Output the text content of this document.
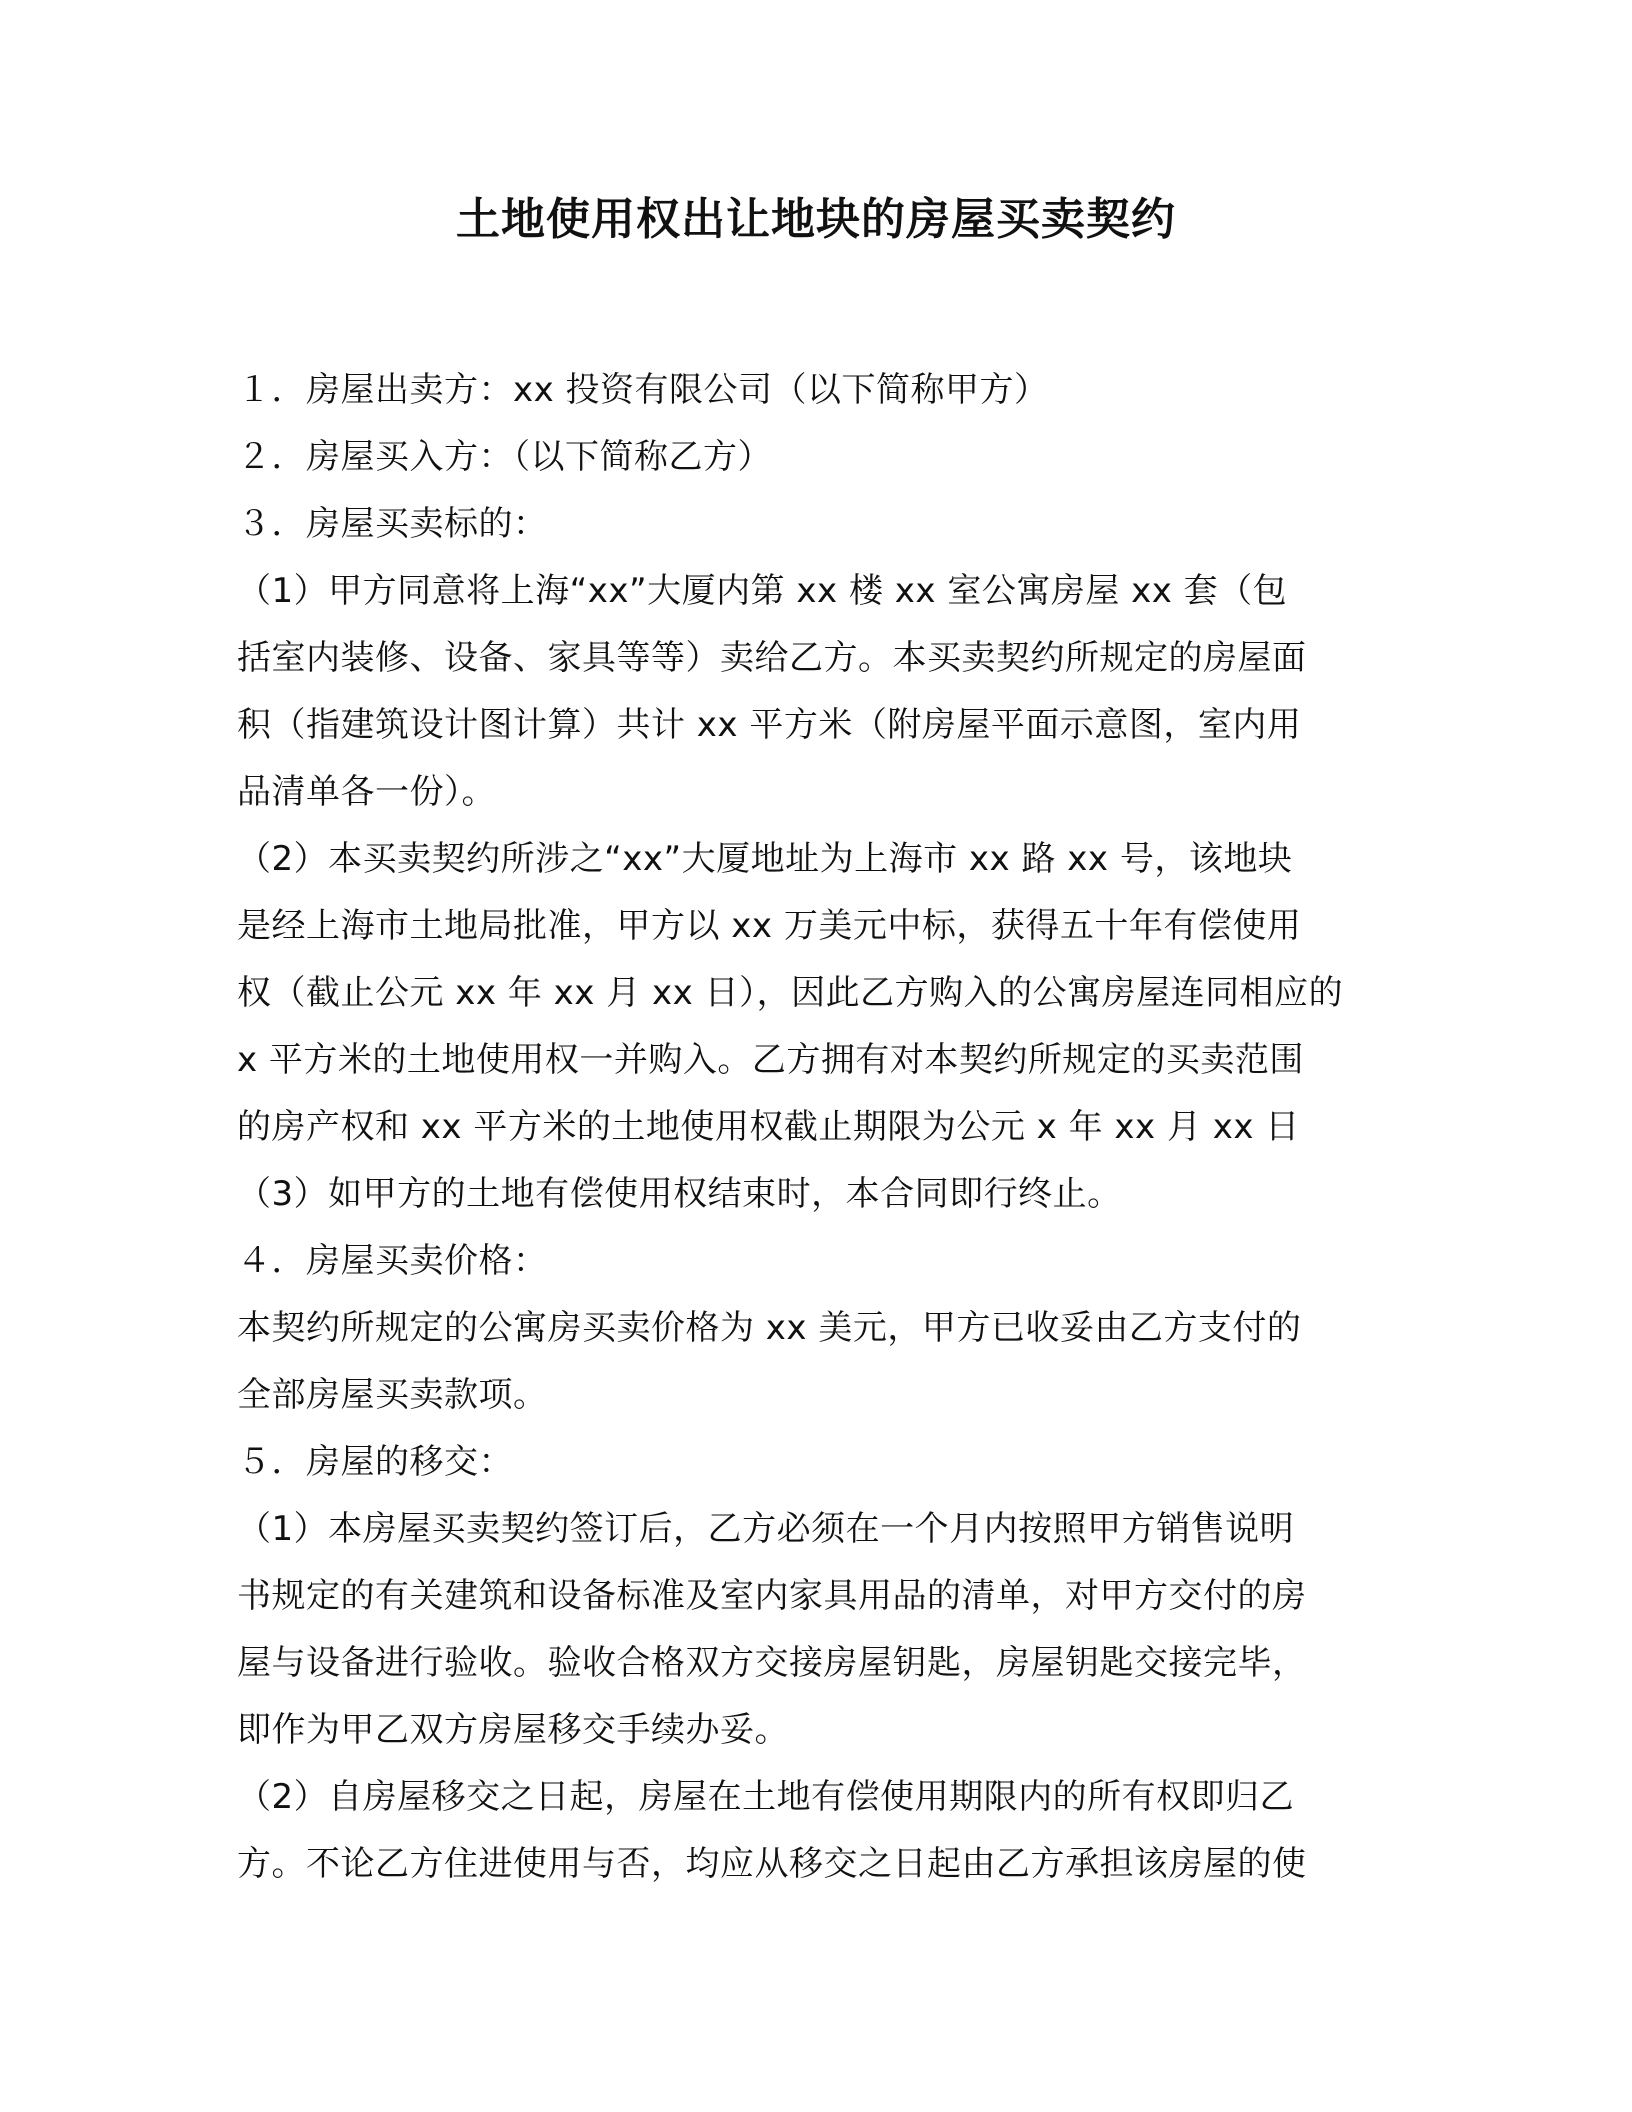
土地使用权出让地块的房屋买卖契约
１．房屋出卖方：xx 投资有限公司（以下简称甲方）
２．房屋买入方：（以下简称乙方）
３．房屋买卖标的：
（1）甲方同意将上海“xx”大厦内第 xx 楼 xx 室公寓房屋 xx 套（包
括室内装修、设备、家具等等）卖给乙方。本买卖契约所规定的房屋面
积（指建筑设计图计算）共计 xx 平方米（附房屋平面示意图，室内用
品清单各一份）。
（2）本买卖契约所涉之“xx”大厦地址为上海市 xx 路 xx 号，该地块
是经上海市土地局批准，甲方以 xx 万美元中标，获得五十年有偿使用
权（截止公元 xx 年 xx 月 xx 日），因此乙方购入的公寓房屋连同相应的
x 平方米的土地使用权一并购入。乙方拥有对本契约所规定的买卖范围
的房产权和 xx 平方米的土地使用权截止期限为公元 x 年 xx 月 xx 日
（3）如甲方的土地有偿使用权结束时，本合同即行终止。
４．房屋买卖价格：
本契约所规定的公寓房买卖价格为 xx 美元，甲方已收妥由乙方支付的
全部房屋买卖款项。
５．房屋的移交：
（1）本房屋买卖契约签订后，乙方必须在一个月内按照甲方销售说明
书规定的有关建筑和设备标准及室内家具用品的清单，对甲方交付的房
屋与设备进行验收。验收合格双方交接房屋钥匙，房屋钥匙交接完毕，
即作为甲乙双方房屋移交手续办妥。
（2）自房屋移交之日起，房屋在土地有偿使用期限内的所有权即归乙
方。不论乙方住进使用与否，均应从移交之日起由乙方承担该房屋的使
